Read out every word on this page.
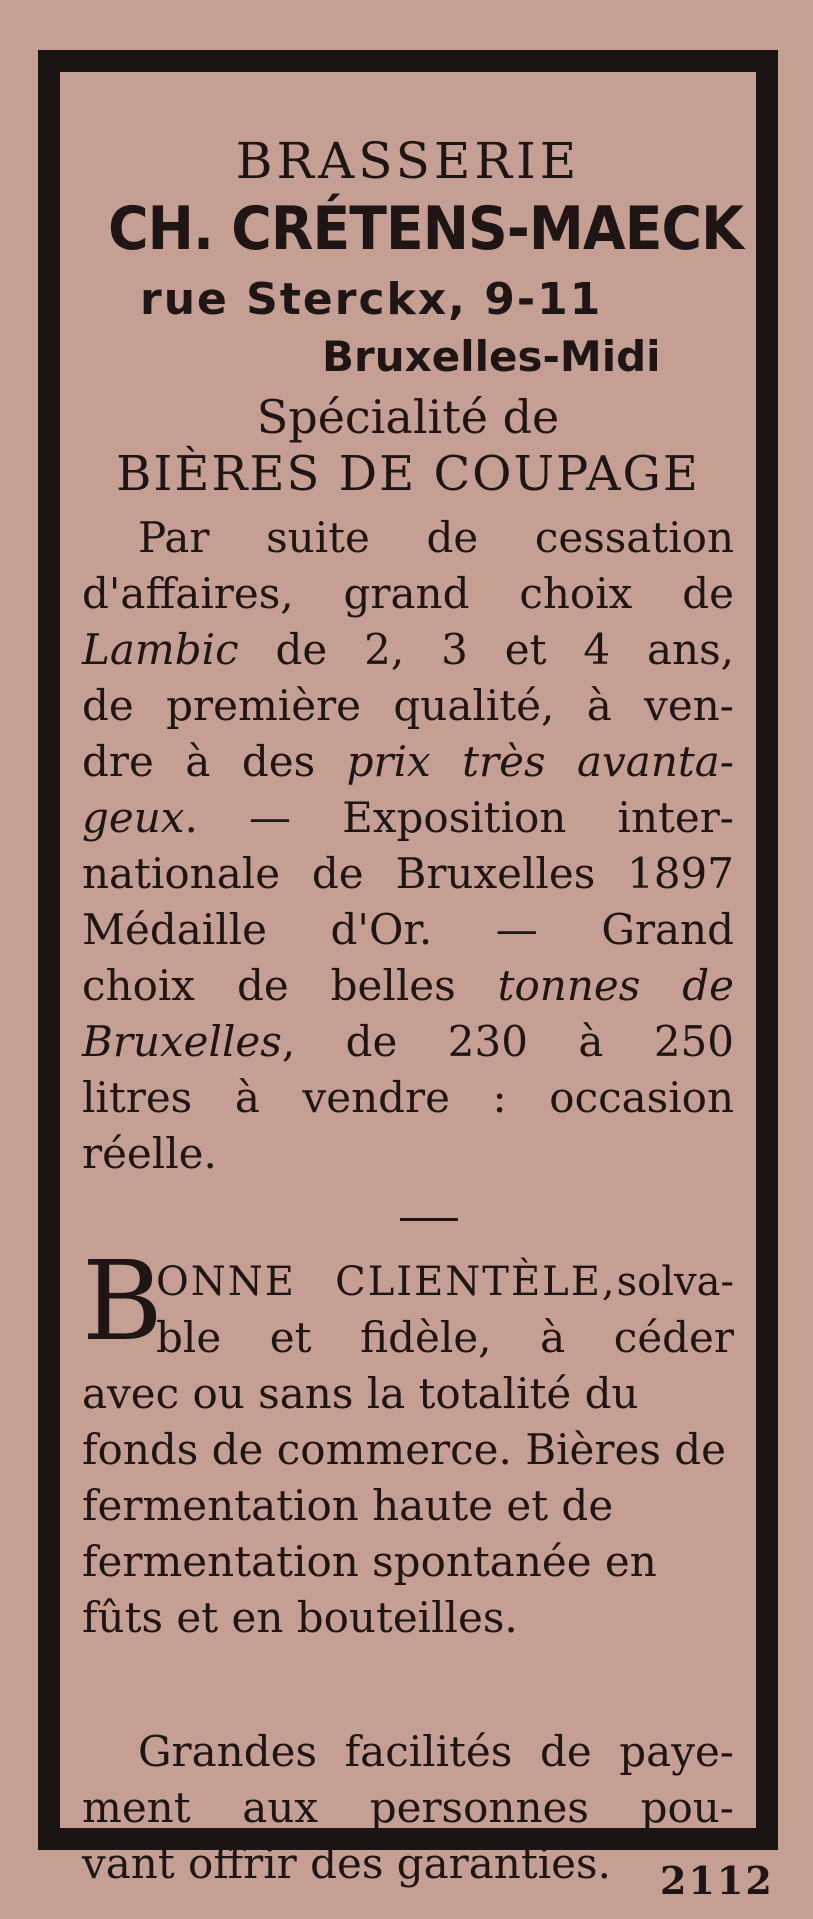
BRASSERIE
CH. CRÉTENS-MAECK
rue Sterckx, 9-11
Bruxelles-Midi
Spécialité de
BIÈRES DE COUPAGE
Par suite de cessation
d'affaires, grand choix de
Lambic de 2, 3 et 4 ans,
de première qualité, à ven-
dre à des prix très avanta-
geux. — Exposition inter-
nationale de Bruxelles 1897
Médaille d'Or. — Grand
choix de belles tonnes de
Bruxelles, de 230 à 250
litres à vendre : occasion
réelle.
B
ONNE CLIENTÈLE,solva-
ble et fidèle, à céder
avec ou sans la totalité du fonds de commerce. Bières de fermentation haute et de fermentation spontanée en fûts et en bouteilles.
Grandes facilités de paye-
ment aux personnes pou-
vant offrir des garanties.	2112
